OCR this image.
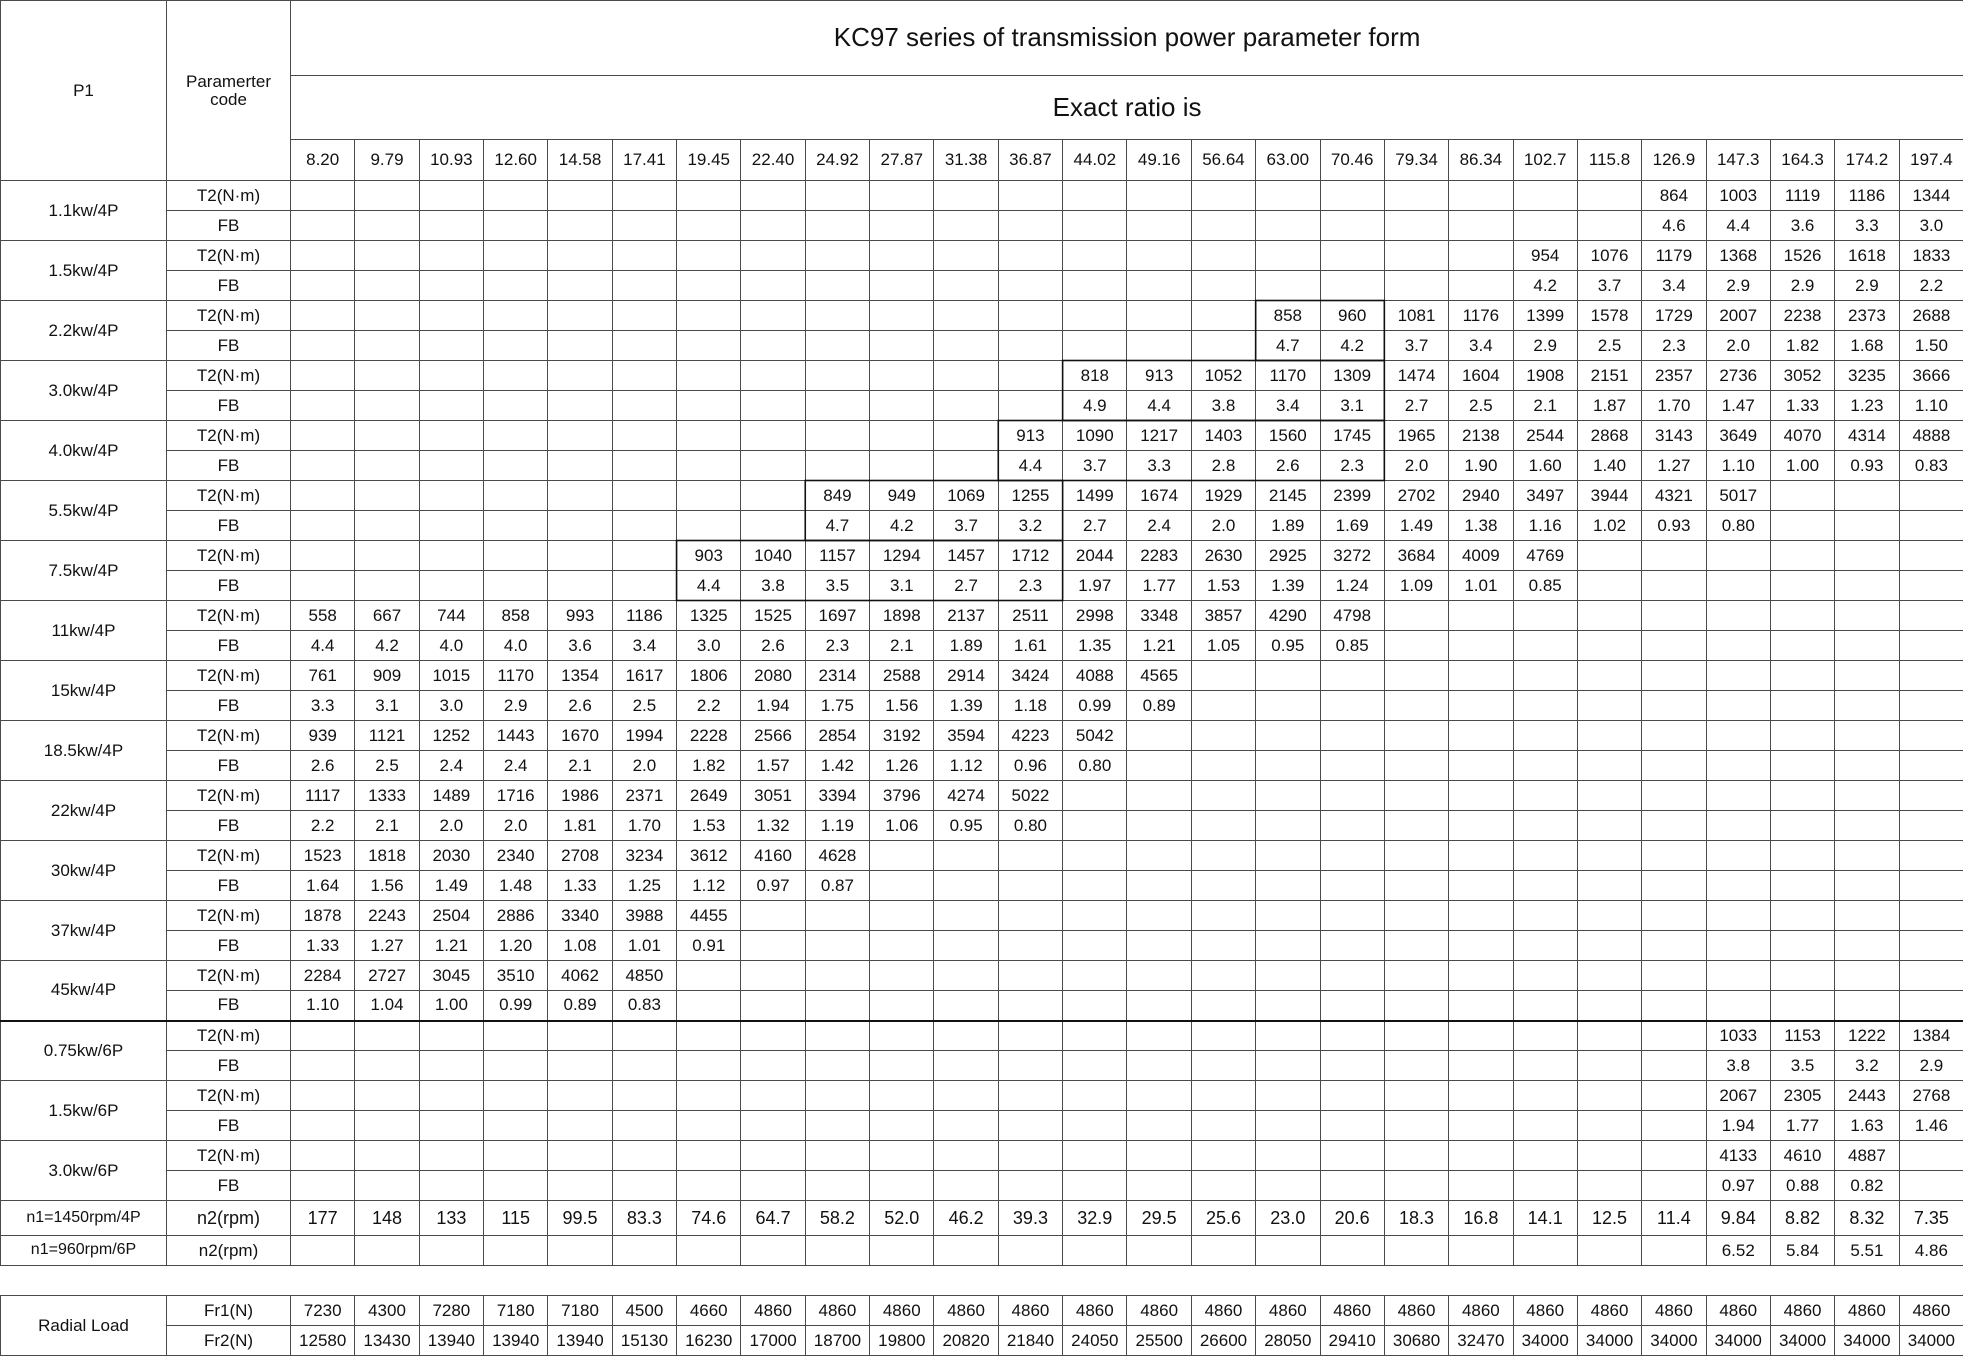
P1	Paramerter code	KC97 series of transmission power parameter form																									
		Exact ratio is																									
		8.20	9.79	10.93	12.60	14.58	17.41	19.45	22.40	24.92	27.87	31.38	36.87	44.02	49.16	56.64	63.00	70.46	79.34	86.34	102.7	115.8	126.9	147.3	164.3	174.2	197.4
1.1kw/4P	T2(N·m)																						864	1003	1119	1186	1344
	FB																						4.6	4.4	3.6	3.3	3.0
1.5kw/4P	T2(N·m)																				954	1076	1179	1368	1526	1618	1833
	FB																				4.2	3.7	3.4	2.9	2.9	2.9	2.2
2.2kw/4P	T2(N·m)																858	960	1081	1176	1399	1578	1729	2007	2238	2373	2688
	FB																4.7	4.2	3.7	3.4	2.9	2.5	2.3	2.0	1.82	1.68	1.50
3.0kw/4P	T2(N·m)													818	913	1052	1170	1309	1474	1604	1908	2151	2357	2736	3052	3235	3666
	FB													4.9	4.4	3.8	3.4	3.1	2.7	2.5	2.1	1.87	1.70	1.47	1.33	1.23	1.10
4.0kw/4P	T2(N·m)												913	1090	1217	1403	1560	1745	1965	2138	2544	2868	3143	3649	4070	4314	4888
	FB												4.4	3.7	3.3	2.8	2.6	2.3	2.0	1.90	1.60	1.40	1.27	1.10	1.00	0.93	0.83
5.5kw/4P	T2(N·m)									849	949	1069	1255	1499	1674	1929	2145	2399	2702	2940	3497	3944	4321	5017			
	FB									4.7	4.2	3.7	3.2	2.7	2.4	2.0	1.89	1.69	1.49	1.38	1.16	1.02	0.93	0.80			
7.5kw/4P	T2(N·m)							903	1040	1157	1294	1457	1712	2044	2283	2630	2925	3272	3684	4009	4769						
	FB							4.4	3.8	3.5	3.1	2.7	2.3	1.97	1.77	1.53	1.39	1.24	1.09	1.01	0.85						
11kw/4P	T2(N·m)	558	667	744	858	993	1186	1325	1525	1697	1898	2137	2511	2998	3348	3857	4290	4798									
	FB	4.4	4.2	4.0	4.0	3.6	3.4	3.0	2.6	2.3	2.1	1.89	1.61	1.35	1.21	1.05	0.95	0.85									
15kw/4P	T2(N·m)	761	909	1015	1170	1354	1617	1806	2080	2314	2588	2914	3424	4088	4565												
	FB	3.3	3.1	3.0	2.9	2.6	2.5	2.2	1.94	1.75	1.56	1.39	1.18	0.99	0.89												
18.5kw/4P	T2(N·m)	939	1121	1252	1443	1670	1994	2228	2566	2854	3192	3594	4223	5042													
	FB	2.6	2.5	2.4	2.4	2.1	2.0	1.82	1.57	1.42	1.26	1.12	0.96	0.80													
22kw/4P	T2(N·m)	1117	1333	1489	1716	1986	2371	2649	3051	3394	3796	4274	5022														
	FB	2.2	2.1	2.0	2.0	1.81	1.70	1.53	1.32	1.19	1.06	0.95	0.80														
30kw/4P	T2(N·m)	1523	1818	2030	2340	2708	3234	3612	4160	4628																	
	FB	1.64	1.56	1.49	1.48	1.33	1.25	1.12	0.97	0.87																	
37kw/4P	T2(N·m)	1878	2243	2504	2886	3340	3988	4455																			
	FB	1.33	1.27	1.21	1.20	1.08	1.01	0.91																			
45kw/4P	T2(N·m)	2284	2727	3045	3510	4062	4850																				
	FB	1.10	1.04	1.00	0.99	0.89	0.83																				
0.75kw/6P	T2(N·m)																							1033	1153	1222	1384
	FB																							3.8	3.5	3.2	2.9
1.5kw/6P	T2(N·m)																							2067	2305	2443	2768
	FB																							1.94	1.77	1.63	1.46
3.0kw/6P	T2(N·m)																							4133	4610	4887	
	FB																							0.97	0.88	0.82	
n1=1450rpm/4P	n2(rpm)	177	148	133	115	99.5	83.3	74.6	64.7	58.2	52.0	46.2	39.3	32.9	29.5	25.6	23.0	20.6	18.3	16.8	14.1	12.5	11.4	9.84	8.82	8.32	7.35
n1=960rpm/6P	n2(rpm)																							6.52	5.84	5.51	4.86

Radial Load	Fr1(N)	7230	4300	7280	7180	7180	4500	4660	4860	4860	4860	4860	4860	4860	4860	4860	4860	4860	4860	4860	4860	4860	4860	4860	4860	4860	4860
	Fr2(N)	12580	13430	13940	13940	13940	15130	16230	17000	18700	19800	20820	21840	24050	25500	26600	28050	29410	30680	32470	34000	34000	34000	34000	34000	34000	34000
